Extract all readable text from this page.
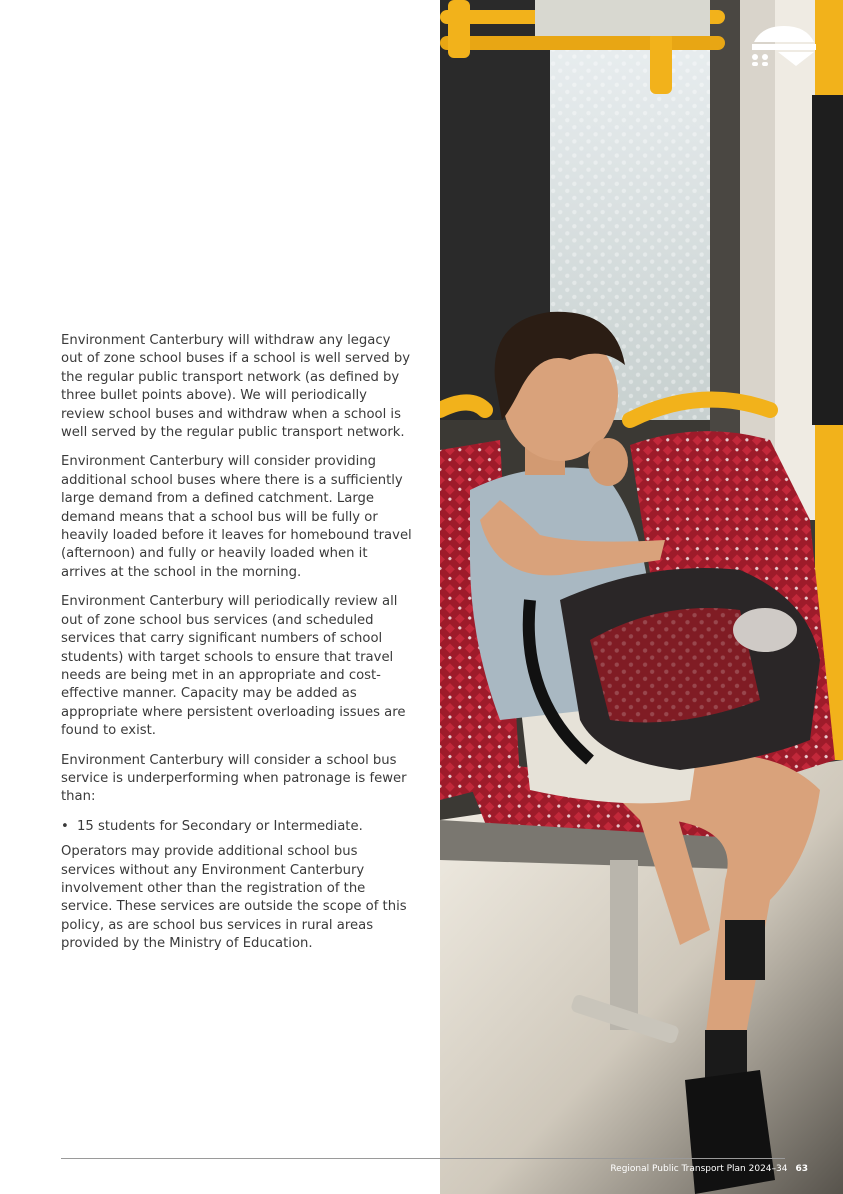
Environment Canterbury will withdraw any legacy out of zone school buses if a school is well served by the regular public transport network (as defined by three bullet points above). We will periodically review school buses and withdraw when a school is well served by the regular public transport network.

Environment Canterbury will consider providing additional school buses where there is a sufficiently large demand from a defined catchment. Large demand means that a school bus will be fully or heavily loaded before it leaves for homebound travel (afternoon) and fully or heavily loaded when it arrives at the school in the morning.

Environment Canterbury will periodically review all out of zone school bus services (and scheduled services that carry significant numbers of school students) with target schools to ensure that travel needs are being met in an appropriate and cost-effective manner. Capacity may be added as appropriate where persistent overloading issues are found to exist.

Environment Canterbury will consider a school bus service is underperforming when patronage is fewer than:

• 15 students for Secondary or Intermediate.

Operators may provide additional school bus services without any Environment Canterbury involvement other than the registration of the service. These services are outside the scope of this policy, as are school bus services in rural areas provided by the Ministry of Education.

Regional Public Transport Plan 2024–34 63
